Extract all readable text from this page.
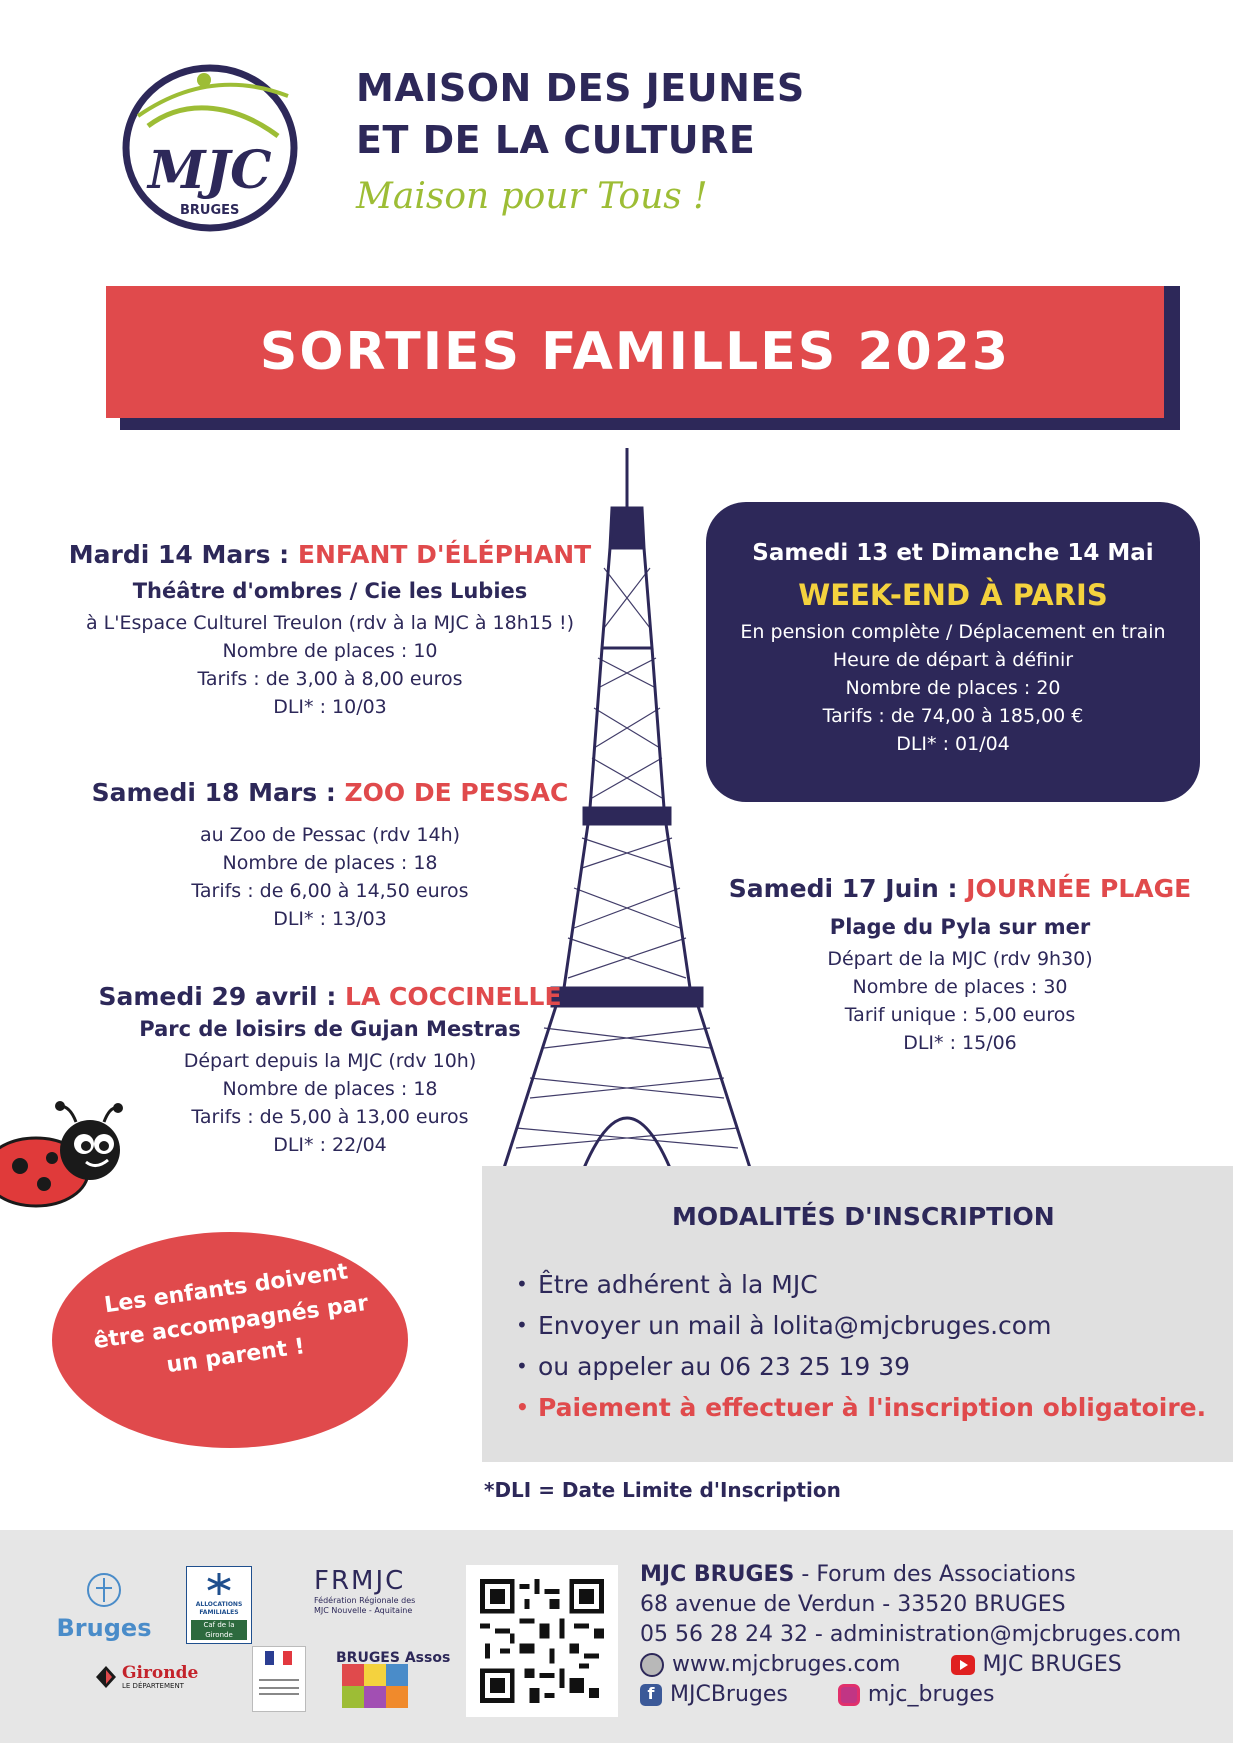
MJC
BRUGES
MAISON DES JEUNES
ET DE LA CULTURE
Maison pour Tous !
SORTIES FAMILLES 2023
Mardi 14 Mars : ENFANT D'ÉLÉPHANT
Théâtre d'ombres / Cie les Lubies
à L'Espace Culturel Treulon (rdv à la MJC à 18h15 !)
Nombre de places : 10
Tarifs : de 3,00 à 8,00 euros
DLI* : 10/03
Samedi 18 Mars : ZOO DE PESSAC
au Zoo de Pessac (rdv 14h)
Nombre de places : 18
Tarifs : de 6,00 à 14,50 euros
DLI* : 13/03
Samedi 29 avril : LA COCCINELLE
Parc de loisirs de Gujan Mestras
Départ depuis la MJC (rdv 10h)
Nombre de places : 18
Tarifs : de 5,00 à 13,00 euros
DLI* : 22/04
Samedi 13 et Dimanche 14 Mai
WEEK-END À PARIS
En pension complète / Déplacement en train
Heure de départ à définir
Nombre de places : 20
Tarifs : de 74,00 à 185,00 €
DLI* : 01/04
Samedi 17 Juin : JOURNÉE PLAGE
Plage du Pyla sur mer
Départ de la MJC (rdv 9h30)
Nombre de places : 30
Tarif unique : 5,00 euros
DLI* : 15/06
Les enfants doivent être accompagnés par un parent !
MODALITÉS D'INSCRIPTION
• Être adhérent à la MJC
• Envoyer un mail à lolita@mjcbruges.com
• ou appeler au 06 23 25 19 39
• Paiement à effectuer à l'inscription obligatoire.
*DLI = Date Limite d'Inscription
Bruges
ALLOCATIONS FAMILIALES
Caf de la Gironde
FRMJC
Fédération Régionale des MJC Nouvelle - Aquitaine
Gironde
LE DÉPARTEMENT
BRUGES Assos
MJC BRUGES - Forum des Associations
68 avenue de Verdun - 33520 BRUGES
05 56 28 24 32 - administration@mjcbruges.com
www.mjcbruges.com	MJC BRUGES
f MJCBruges	mjc_bruges
